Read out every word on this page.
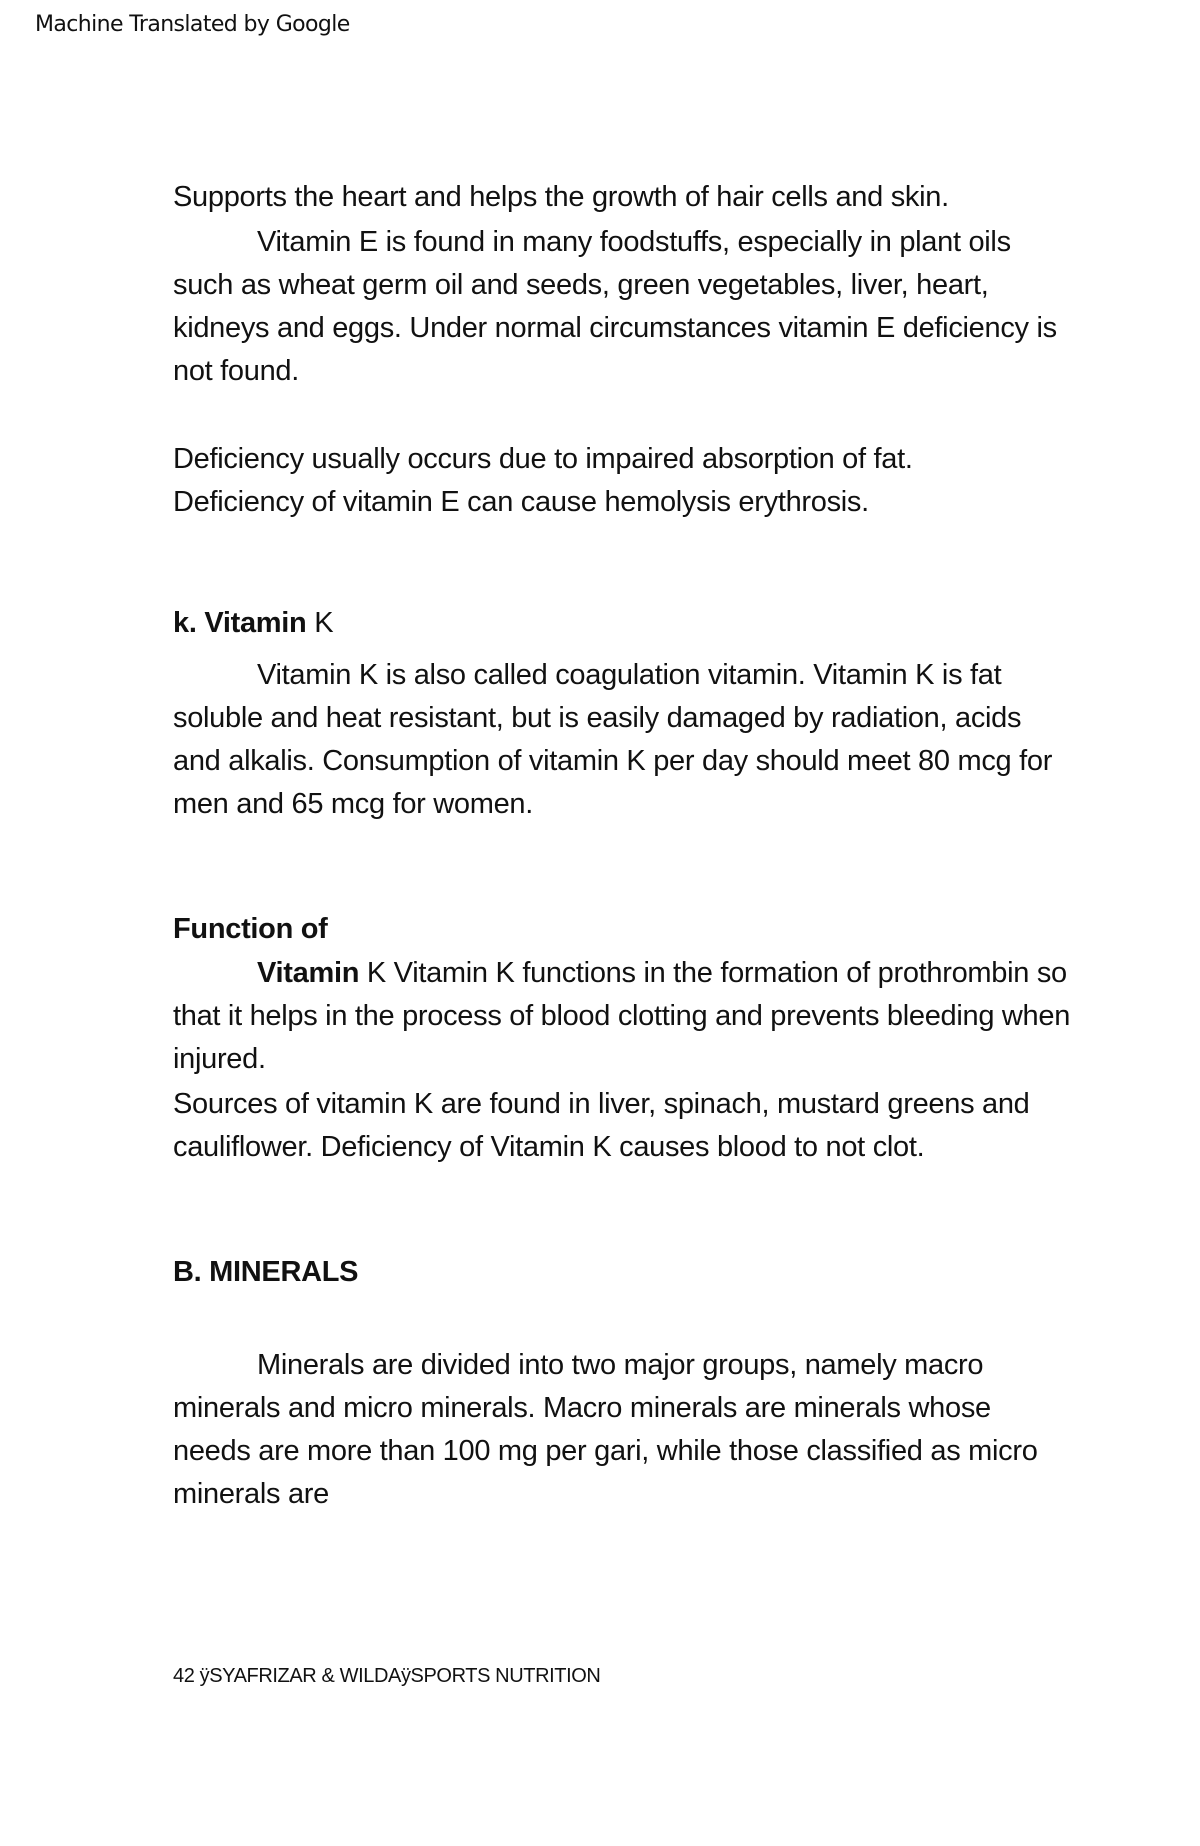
Machine Translated by Google

Supports the heart and helps the growth of hair cells and skin.

Vitamin E is found in many foodstuffs, especially in plant oils such as wheat germ oil and seeds, green vegetables, liver, heart, kidneys and eggs. Under normal circumstances vitamin E deficiency is not found.

Deficiency usually occurs due to impaired absorption of fat.

Deficiency of vitamin E can cause hemolysis erythrosis.

k. Vitamin K

Vitamin K is also called coagulation vitamin. Vitamin K is fat soluble and heat resistant, but is easily damaged by radiation, acids and alkalis. Consumption of vitamin K per day should meet 80 mcg for men and 65 mcg for women.

Function of

Vitamin K Vitamin K functions in the formation of prothrombin so that it helps in the process of blood clotting and prevents bleeding when injured.

Sources of vitamin K are found in liver, spinach, mustard greens and cauliflower. Deficiency of Vitamin K causes blood to not clot.

B. MINERALS

Minerals are divided into two major groups, namely macro minerals and micro minerals. Macro minerals are minerals whose needs are more than 100 mg per gari, while those classified as micro minerals are

42 ÿSYAFRIZAR & WILDAÿSPORTS NUTRITION
